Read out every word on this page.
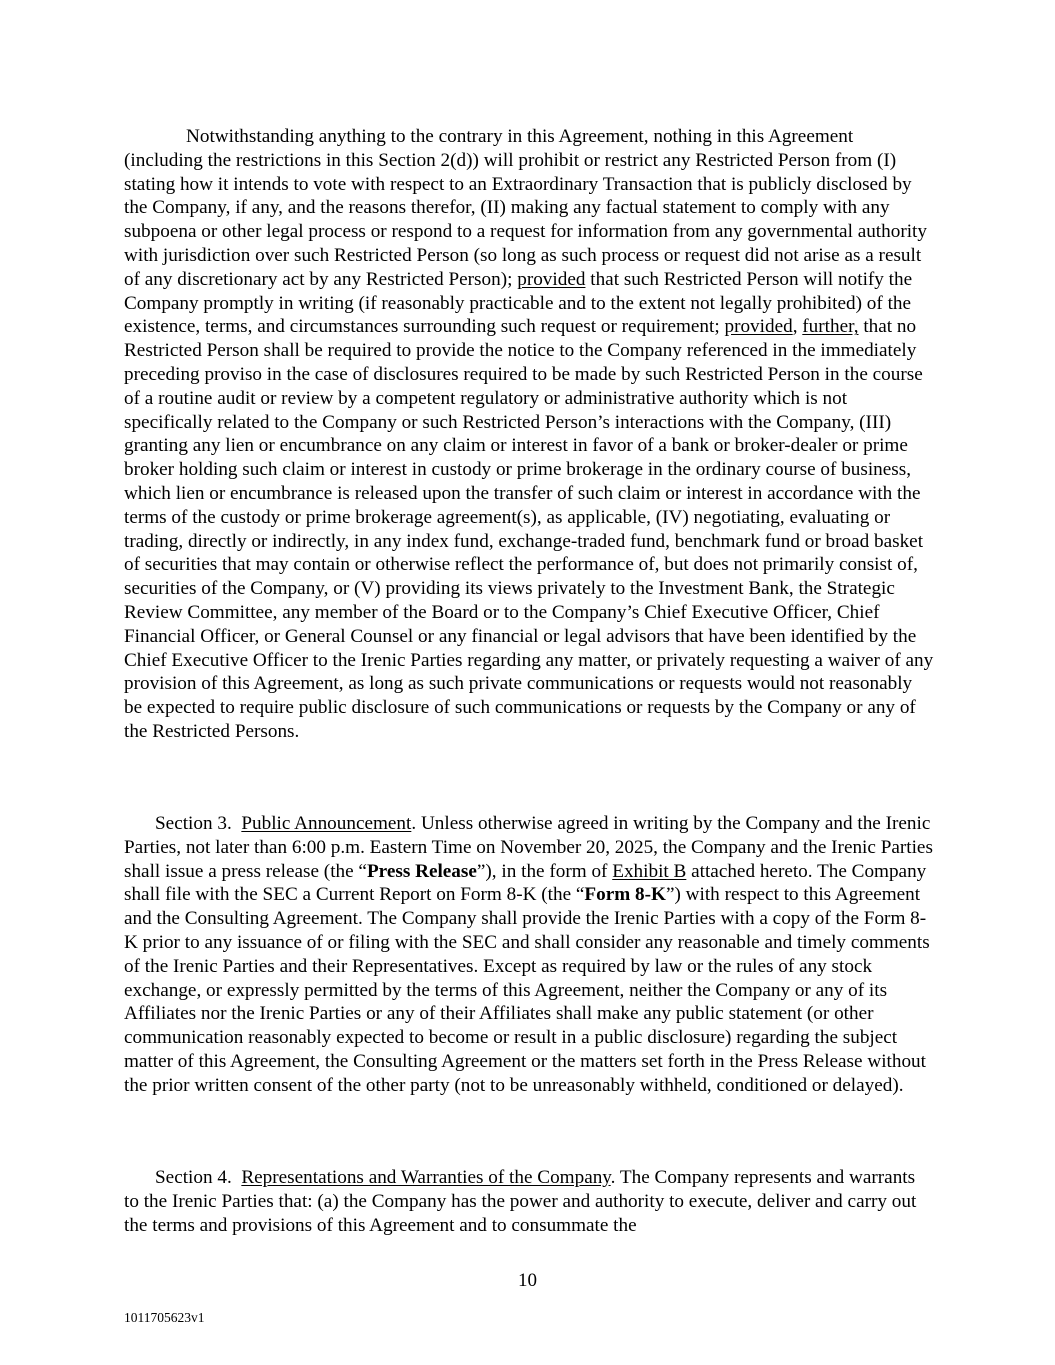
Notwithstanding anything to the contrary in this Agreement, nothing in this Agreement (including the restrictions in this Section 2(d)) will prohibit or restrict any Restricted Person from (I) stating how it intends to vote with respect to an Extraordinary Transaction that is publicly disclosed by the Company, if any, and the reasons therefor, (II) making any factual statement to comply with any subpoena or other legal process or respond to a request for information from any governmental authority with jurisdiction over such Restricted Person (so long as such process or request did not arise as a result of any discretionary act by any Restricted Person); provided that such Restricted Person will notify the Company promptly in writing (if reasonably practicable and to the extent not legally prohibited) of the existence, terms, and circumstances surrounding such request or requirement; provided, further, that no Restricted Person shall be required to provide the notice to the Company referenced in the immediately preceding proviso in the case of disclosures required to be made by such Restricted Person in the course of a routine audit or review by a competent regulatory or administrative authority which is not specifically related to the Company or such Restricted Person’s interactions with the Company, (III) granting any lien or encumbrance on any claim or interest in favor of a bank or broker-dealer or prime broker holding such claim or interest in custody or prime brokerage in the ordinary course of business, which lien or encumbrance is released upon the transfer of such claim or interest in accordance with the terms of the custody or prime brokerage agreement(s), as applicable, (IV) negotiating, evaluating or trading, directly or indirectly, in any index fund, exchange-traded fund, benchmark fund or broad basket of securities that may contain or otherwise reflect the performance of, but does not primarily consist of, securities of the Company, or (V) providing its views privately to the Investment Bank, the Strategic Review Committee, any member of the Board or to the Company’s Chief Executive Officer, Chief Financial Officer, or General Counsel or any financial or legal advisors that have been identified by the Chief Executive Officer to the Irenic Parties regarding any matter, or privately requesting a waiver of any provision of this Agreement, as long as such private communications or requests would not reasonably be expected to require public disclosure of such communications or requests by the Company or any of the Restricted Persons.

Section 3. Public Announcement. Unless otherwise agreed in writing by the Company and the Irenic Parties, not later than 6:00 p.m. Eastern Time on November 20, 2025, the Company and the Irenic Parties shall issue a press release (the “Press Release”), in the form of Exhibit B attached hereto. The Company shall file with the SEC a Current Report on Form 8-K (the “Form 8-K”) with respect to this Agreement and the Consulting Agreement. The Company shall provide the Irenic Parties with a copy of the Form 8-K prior to any issuance of or filing with the SEC and shall consider any reasonable and timely comments of the Irenic Parties and their Representatives. Except as required by law or the rules of any stock exchange, or expressly permitted by the terms of this Agreement, neither the Company or any of its Affiliates nor the Irenic Parties or any of their Affiliates shall make any public statement (or other communication reasonably expected to become or result in a public disclosure) regarding the subject matter of this Agreement, the Consulting Agreement or the matters set forth in the Press Release without the prior written consent of the other party (not to be unreasonably withheld, conditioned or delayed).

Section 4. Representations and Warranties of the Company. The Company represents and warrants to the Irenic Parties that: (a) the Company has the power and authority to execute, deliver and carry out the terms and provisions of this Agreement and to consummate the

10
1011705623v1
